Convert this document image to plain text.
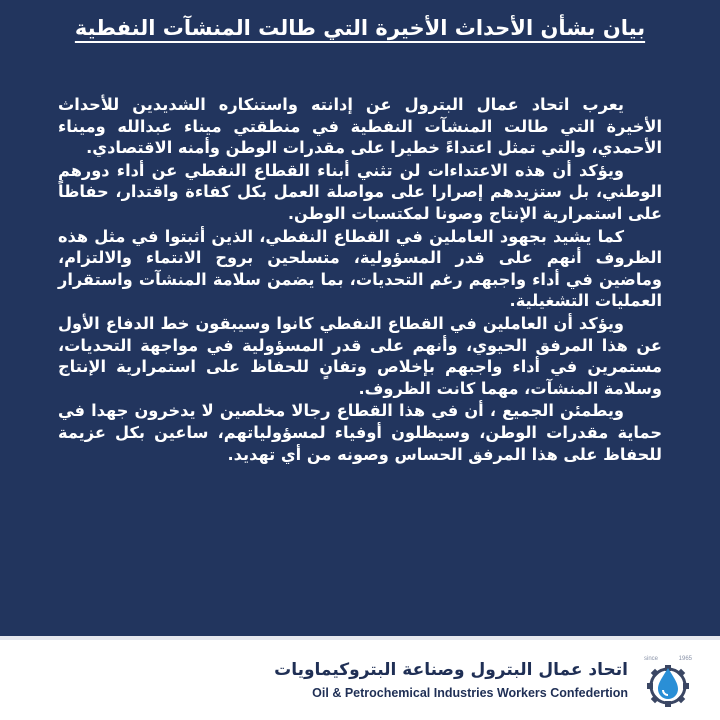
بيان بشأن الأحداث الأخيرة التي طالت المنشآت النفطية

يعرب اتحاد عمال البترول عن إدانته واستنكاره الشديدين للأحداث الأخيرة التي طالت المنشآت النفطية في منطقتي ميناء عبدالله وميناء الأحمدي، والتي تمثل اعتداءً خطيرا على مقدرات الوطن وأمنه الاقتصادي.

ويؤكد أن هذه الاعتداءات لن تثني أبناء القطاع النفطي عن أداء دورهم الوطني، بل ستزيدهم إصرارا على مواصلة العمل بكل كفاءة واقتدار، حفاظاً على استمرارية الإنتاج وصونا لمكتسبات الوطن.

كما يشيد بجهود العاملين في القطاع النفطي، الذين أثبتوا في مثل هذه الظروف أنهم على قدر المسؤولية، متسلحين بروح الانتماء والالتزام، وماضين في أداء واجبهم رغم التحديات، بما يضمن سلامة المنشآت واستقرار العمليات التشغيلية.

ويؤكد أن العاملين في القطاع النفطي كانوا وسيبقون خط الدفاع الأول عن هذا المرفق الحيوي، وأنهم على قدر المسؤولية في مواجهة التحديات، مستمرين في أداء واجبهم بإخلاص وتفانٍ للحفاظ على استمرارية الإنتاج وسلامة المنشآت، مهما كانت الظروف.

ويطمئن الجميع ، أن في هذا القطاع رجالا مخلصين لا يدخرون جهدا في حماية مقدرات الوطن، وسيظلون أوفياء لمسؤولياتهم، ساعين بكل عزيمة للحفاظ على هذا المرفق الحساس وصونه من أي تهديد.

since	1965
اتحاد عمال البترول وصناعة البتروكيماويات
Oil & Petrochemical Industries Workers Confedertion
